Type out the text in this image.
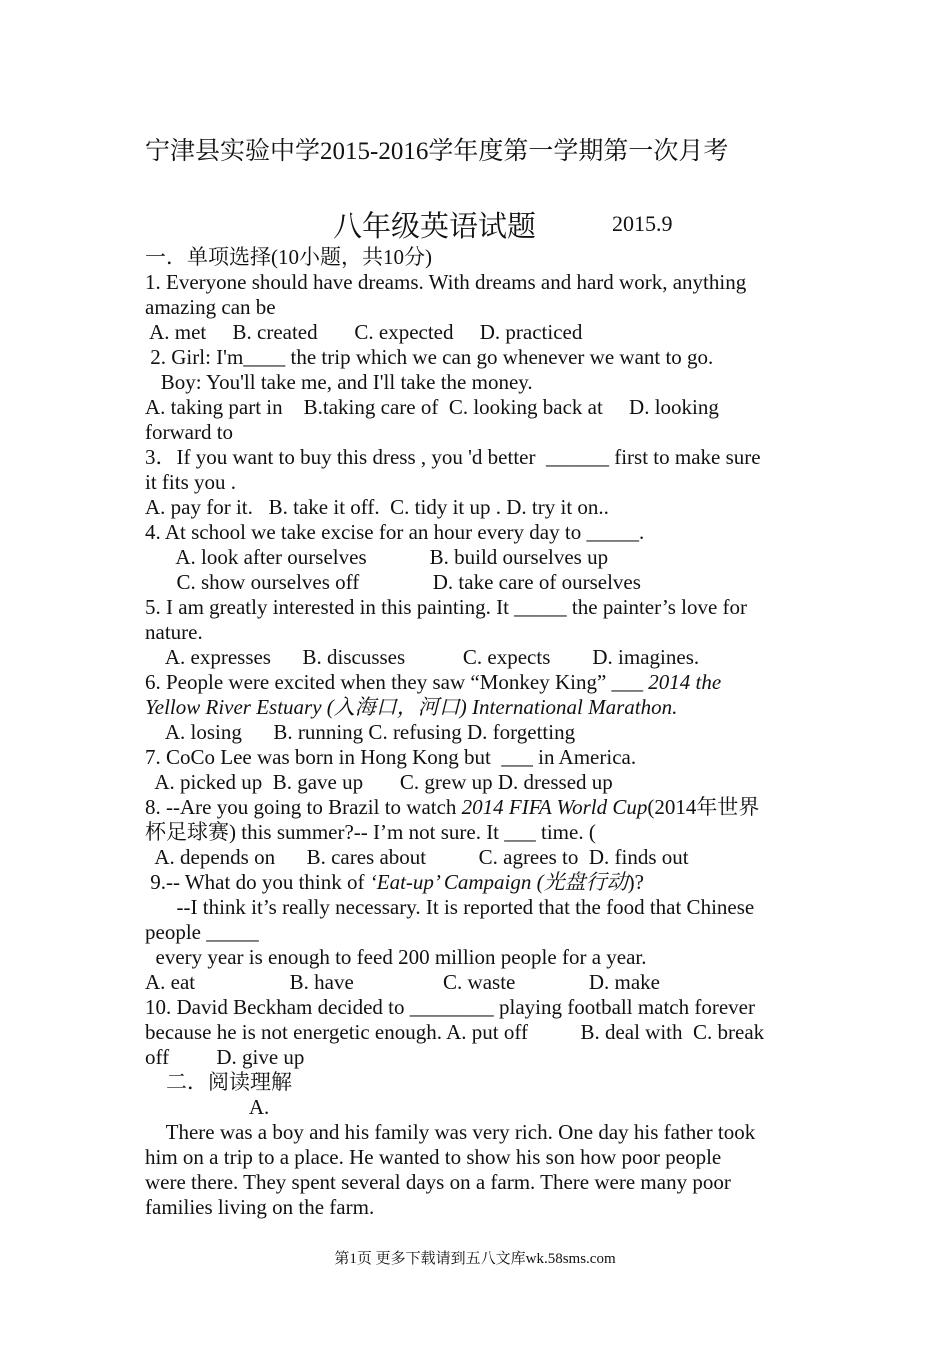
宁津县实验中学2015-2016学年度第一学期第一次月考
八年级英语试题	2015.9
一．单项选择(10小题，共10分)
1. Everyone should have dreams. With dreams and hard work, anything
amazing can be
A. met     B. created       C. expected     D. practiced
2. Girl: I'm____ the trip which we can go whenever we want to go.
Boy: You'll take me, and I'll take the money.
A. taking part in    B.taking care of  C. looking back at     D. looking
forward to
3．If you want to buy this dress , you 'd better  ______ first to make sure
it fits you .
A. pay for it.   B. take it off.  C. tidy it up . D. try it on..
4. At school we take excise for an hour every day to _____.
A. look after ourselves            B. build ourselves up
C. show ourselves off              D. take care of ourselves
5. I am greatly interested in this painting. It _____ the painter’s love for
nature.
A. expresses      B. discusses           C. expects        D. imagines.
6. People were excited when they saw “Monkey King” ___ 2014 the
Yellow River Estuary (入海口，河口) International Marathon.
A. losing      B. running C. refusing D. forgetting
7. CoCo Lee was born in Hong Kong but  ___ in America.
A. picked up  B. gave up       C. grew up D. dressed up
8. --Are you going to Brazil to watch 2014 FIFA World Cup(2014年世界
杯足球赛) this summer?-- I’m not sure. It ___ time. (
A. depends on      B. cares about          C. agrees to  D. finds out
9.-- What do you think of ‘Eat-up’ Campaign (光盘行动)?
--I think it’s really necessary. It is reported that the food that Chinese
people _____
every year is enough to feed 200 million people for a year.
A. eat                  B. have                 C. waste              D. make
10. David Beckham decided to ________ playing football match forever
because he is not energetic enough. A. put off          B. deal with  C. break
off         D. give up
二．阅读理解
A.
There was a boy and his family was very rich. One day his father took
him on a trip to a place. He wanted to show his son how poor people
were there. They spent several days on a farm. There were many poor
families living on the farm.
第1页 更多下载请到五八文库wk.58sms.com
